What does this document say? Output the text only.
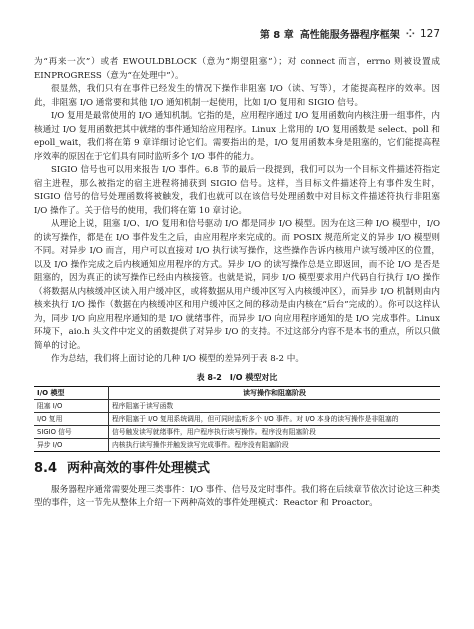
第 8 章 高性能服务器程序框架 ⁘ 127

为“再来一次”）或者 EWOULDBLOCK（意为“期望阻塞”）；对 connect 而言，errno 则被设置成 EINPROGRESS（意为“在处理中”）。

很显然，我们只有在事件已经发生的情况下操作非阻塞 I/O（读、写等），才能提高程序的效率。因此，非阻塞 I/O 通常要和其他 I/O 通知机制一起使用，比如 I/O 复用和 SIGIO 信号。

I/O 复用是最常使用的 I/O 通知机制。它指的是，应用程序通过 I/O 复用函数向内核注册一组事件，内核通过 I/O 复用函数把其中就绪的事件通知给应用程序。Linux 上常用的 I/O 复用函数是 select、poll 和 epoll_wait，我们将在第 9 章详细讨论它们。需要指出的是，I/O 复用函数本身是阻塞的，它们能提高程序效率的原因在于它们具有同时监听多个 I/O 事件的能力。

SIGIO 信号也可以用来报告 I/O 事件。6.8 节的最后一段提到，我们可以为一个目标文件描述符指定宿主进程，那么被指定的宿主进程将捕获到 SIGIO 信号。这样，当目标文件描述符上有事件发生时，SIGIO 信号的信号处理函数将被触发，我们也就可以在该信号处理函数中对目标文件描述符执行非阻塞 I/O 操作了。关于信号的使用，我们将在第 10 章讨论。

从理论上说，阻塞 I/O、I/O 复用和信号驱动 I/O 都是同步 I/O 模型。因为在这三种 I/O 模型中，I/O 的读写操作，都是在 I/O 事件发生之后，由应用程序来完成的。而 POSIX 规范所定义的异步 I/O 模型则不同。对异步 I/O 而言，用户可以直接对 I/O 执行读写操作，这些操作告诉内核用户读写缓冲区的位置，以及 I/O 操作完成之后内核通知应用程序的方式。异步 I/O 的读写操作总是立即返回，而不论 I/O 是否是阻塞的，因为真正的读写操作已经由内核接管。也就是说，同步 I/O 模型要求用户代码自行执行 I/O 操作（将数据从内核缓冲区读入用户缓冲区，或将数据从用户缓冲区写入内核缓冲区），而异步 I/O 机制则由内核来执行 I/O 操作（数据在内核缓冲区和用户缓冲区之间的移动是由内核在“后台”完成的）。你可以这样认为，同步 I/O 向应用程序通知的是 I/O 就绪事件，而异步 I/O 向应用程序通知的是 I/O 完成事件。Linux 环境下，aio.h 头文件中定义的函数提供了对异步 I/O 的支持。不过这部分内容不是本书的重点，所以只做简单的讨论。

作为总结，我们将上面讨论的几种 I/O 模型的差异列于表 8-2 中。

表 8-2　I/O 模型对比
I/O 模型	读写操作和阻塞阶段
阻塞 I/O	程序阻塞于读写函数
I/O 复用	程序阻塞于 I/O 复用系统调用，但可同时监听多个 I/O 事件。对 I/O 本身的读写操作是非阻塞的
SIGIO 信号	信号触发读写就绪事件，用户程序执行读写操作。程序没有阻塞阶段
异步 I/O	内核执行读写操作并触发读写完成事件。程序没有阻塞阶段
8.4 两种高效的事件处理模式

服务器程序通常需要处理三类事件：I/O 事件、信号及定时事件。我们将在后续章节依次讨论这三种类型的事件，这一节先从整体上介绍一下两种高效的事件处理模式：Reactor 和 Proactor。
